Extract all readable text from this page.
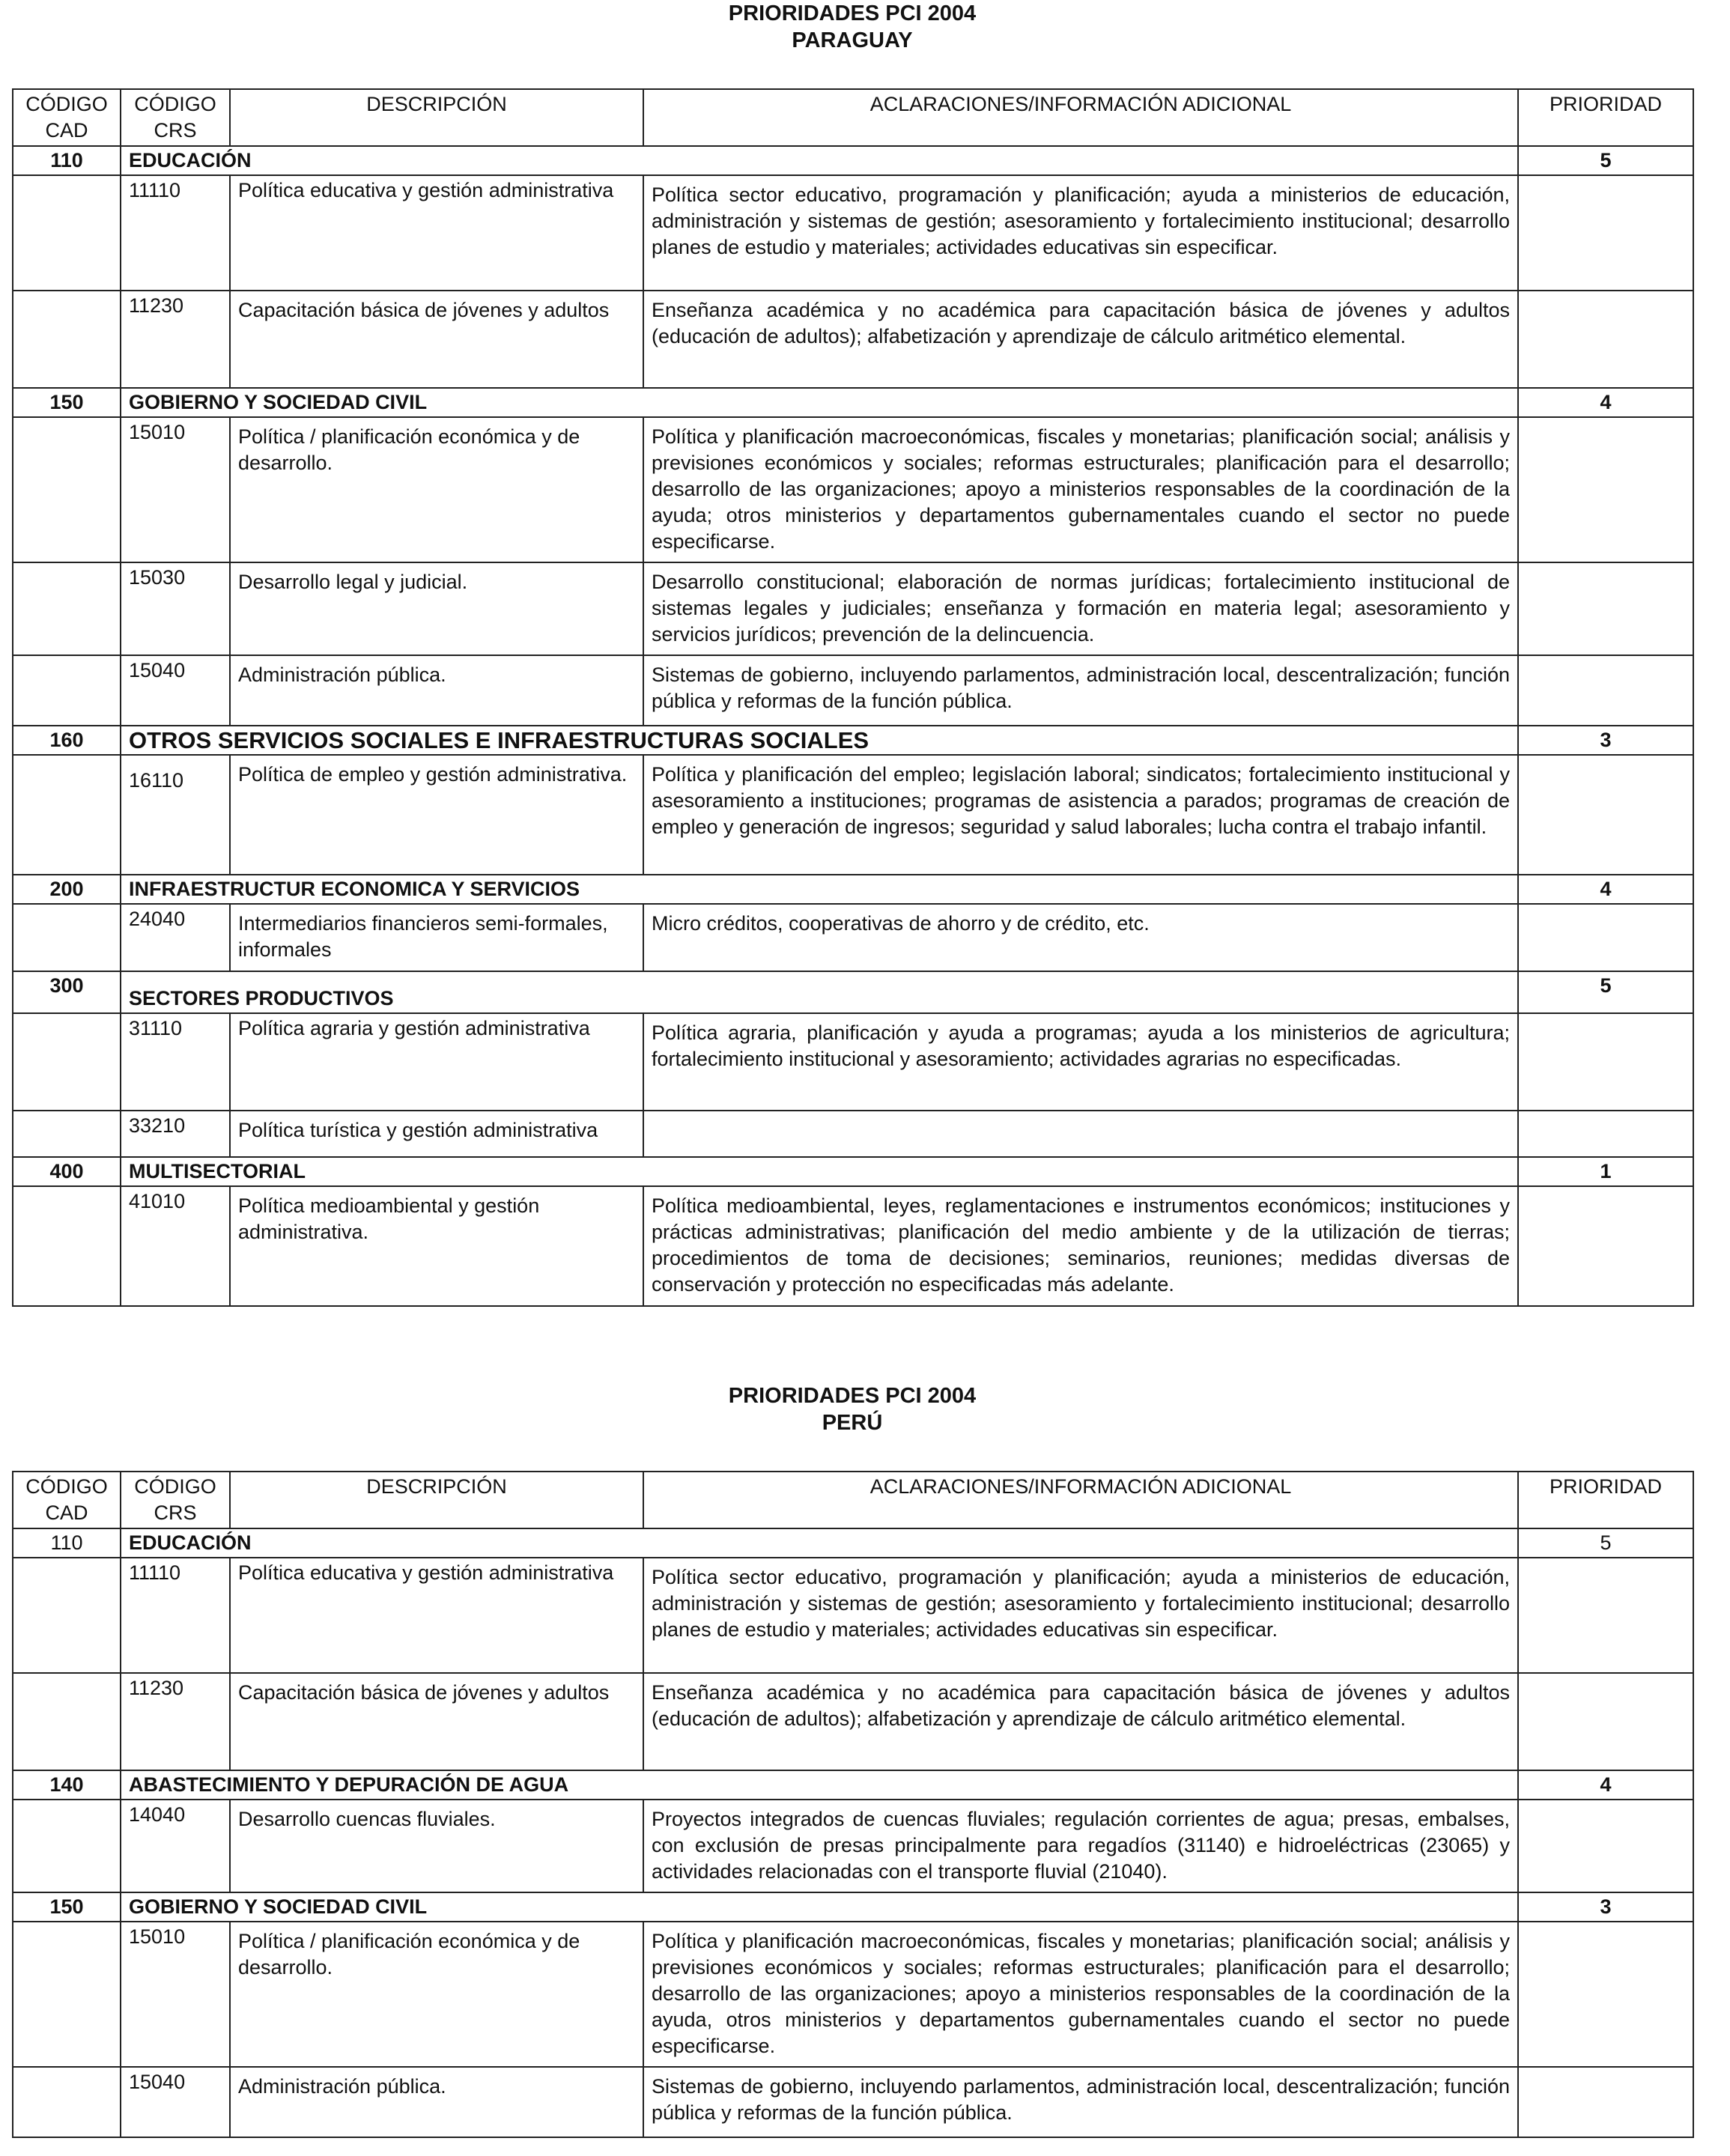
PRIORIDADES PCI 2004
PARAGUAY
CÓDIGO CAD	CÓDIGO CRS	DESCRIPCIÓN	ACLARACIONES/INFORMACIÓN ADICIONAL	PRIORIDAD
110	EDUCACIÓN			5
	11110	Política educativa y gestión administrativa	Política sector educativo, programación y planificación; ayuda a ministerios de educación, administración y sistemas de gestión; asesoramiento y fortalecimiento institucional; desarrollo planes de estudio y materiales; actividades educativas sin especificar.	
	11230	Capacitación básica de jóvenes y adultos	Enseñanza académica y no académica para capacitación básica de jóvenes y adultos (educación de adultos); alfabetización y aprendizaje de cálculo aritmético elemental.	
150	GOBIERNO Y SOCIEDAD CIVIL			4
	15010	Política / planificación económica y de desarrollo.	Política y planificación macroeconómicas, fiscales y monetarias; planificación social; análisis y previsiones económicos y sociales; reformas estructurales; planificación para el desarrollo; desarrollo de las organizaciones; apoyo a ministerios responsables de la coordinación de la ayuda; otros ministerios y departamentos gubernamentales cuando el sector no puede especificarse.	
	15030	Desarrollo legal y judicial.	Desarrollo constitucional; elaboración de normas jurídicas; fortalecimiento institucional de sistemas legales y judiciales; enseñanza y formación en materia legal; asesoramiento y servicios jurídicos; prevención de la delincuencia.	
	15040	Administración pública.	Sistemas de gobierno, incluyendo parlamentos, administración local, descentralización; función pública y reformas de la función pública.	
160	OTROS SERVICIOS SOCIALES E INFRAESTRUCTURAS SOCIALES			3
	16110	Política de empleo y gestión administrativa.	Política y planificación del empleo; legislación laboral; sindicatos; fortalecimiento institucional y asesoramiento a instituciones; programas de asistencia a parados; programas de creación de empleo y generación de ingresos; seguridad y salud laborales; lucha contra el trabajo infantil.	
200	INFRAESTRUCTUR ECONOMICA Y SERVICIOS			4
	24040	Intermediarios financieros semi-formales, informales	Micro créditos, cooperativas de ahorro y de crédito, etc.	
300	SECTORES PRODUCTIVOS			5
	31110	Política agraria y gestión administrativa	Política agraria, planificación y ayuda a programas; ayuda a los ministerios de agricultura; fortalecimiento institucional y asesoramiento; actividades agrarias no especificadas.	
	33210	Política turística y gestión administrativa		
400	MULTISECTORIAL			1
	41010	Política medioambiental y gestión administrativa.	Política medioambiental, leyes, reglamentaciones e instrumentos económicos; instituciones y prácticas administrativas; planificación del medio ambiente y de la utilización de tierras; procedimientos de toma de decisiones; seminarios, reuniones; medidas diversas de conservación y protección no especificadas más adelante.	
PRIORIDADES PCI 2004
PERÚ
CÓDIGO CAD	CÓDIGO CRS	DESCRIPCIÓN	ACLARACIONES/INFORMACIÓN ADICIONAL	PRIORIDAD
110	EDUCACIÓN			5
	11110	Política educativa y gestión administrativa	Política sector educativo, programación y planificación; ayuda a ministerios de educación, administración y sistemas de gestión; asesoramiento y fortalecimiento institucional; desarrollo planes de estudio y materiales; actividades educativas sin especificar.	
	11230	Capacitación básica de jóvenes y adultos	Enseñanza académica y no académica para capacitación básica de jóvenes y adultos (educación de adultos); alfabetización y aprendizaje de cálculo aritmético elemental.	
140	ABASTECIMIENTO Y DEPURACIÓN DE AGUA			4
	14040	Desarrollo cuencas fluviales.	Proyectos integrados de cuencas fluviales; regulación corrientes de agua; presas, embalses, con exclusión de presas principalmente para regadíos (31140) e hidroeléctricas (23065) y actividades relacionadas con el transporte fluvial (21040).	
150	GOBIERNO Y SOCIEDAD CIVIL			3
	15010	Política / planificación económica y de desarrollo.	Política y planificación macroeconómicas, fiscales y monetarias; planificación social; análisis y previsiones económicos y sociales; reformas estructurales; planificación para el desarrollo; desarrollo de las organizaciones; apoyo a ministerios responsables de la coordinación de la ayuda, otros ministerios y departamentos gubernamentales cuando el sector no puede especificarse.	
	15040	Administración pública.	Sistemas de gobierno, incluyendo parlamentos, administración local, descentralización; función pública y reformas de la función pública.	
